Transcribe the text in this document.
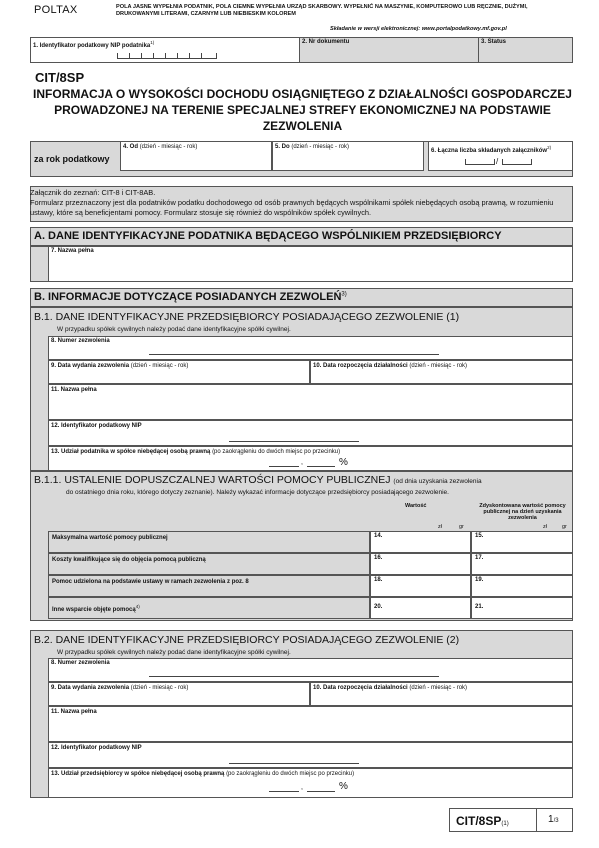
POLTAX	POLA JASNE WYPEŁNIA PODATNIK, POLA CIEMNE WYPEŁNIA URZĄD SKARBOWY. WYPEŁNIĆ NA MASZYNIE, KOMPUTEROWO LUB RĘCZNIE, DUŻYMI, DRUKOWANYMI LITERAMI, CZARNYM LUB NIEBIESKIM KOLOREM
Składanie w wersji elektronicznej: www.portalpodatkowy.mf.gov.pl
1. Identyfikator podatkowy NIP podatnika$^{1)}$	2. Nr dokumentu	3. Status
CIT/8SP
INFORMACJA O WYSOKOŚCI DOCHODU OSIĄGNIĘTEGO Z DZIAŁALNOŚCI GOSPODARCZEJ PROWADZONEJ NA TERENIE SPECJALNEJ STREFY EKONOMICZNEJ NA PODSTAWIE ZEZWOLENIA
za rok podatkowy
4. Od (dzień - miesiąc - rok)	5. Do (dzień - miesiąc - rok)
6. Łączna liczba składanych załączników$^{2)}$
/
Załącznik do zeznań: CIT-8 i CIT-8AB.
Formularz przeznaczony jest dla podatników podatku dochodowego od osób prawnych będących wspólnikami spółek niebędących osobą prawną, w rozumieniu ustawy, które są beneficjentami pomocy. Formularz stosuje się również do wspólników spółek cywilnych.
A. DANE IDENTYFIKACYJNE PODATNIKA BĘDĄCEGO WSPÓLNIKIEM PRZEDSIĘBIORCY
7. Nazwa pełna
B. INFORMACJE DOTYCZĄCE POSIADANYCH ZEZWOLEŃ$^{3)}$
B.1. DANE IDENTYFIKACYJNE PRZEDSIĘBIORCY POSIADAJĄCEGO ZEZWOLENIE (1)
W przypadku spółek cywilnych należy podać dane identyfikacyjne spółki cywilnej.
8. Numer zezwolenia
9. Data wydania zezwolenia (dzień - miesiąc - rok)	10. Data rozpoczęcia działalności (dzień - miesiąc - rok)
11. Nazwa pełna
12. Identyfikator podatkowy NIP
13. Udział podatnika w spółce niebędącej osobą prawną (po zaokrągleniu do dwóch miejsc po przecinku)
,	%
B.1.1. USTALENIE DOPUSZCZALNEJ WARTOŚCI POMOCY PUBLICZNEJ (od dnia uzyskania zezwolenia
do ostatniego dnia roku, którego dotyczy zeznanie). Należy wykazać informacje dotyczące przedsiębiorcy posiadającego zezwolenie.
Wartość	Zdyskontowana wartość pomocy publicznej na dzień uzyskania zezwolenia
zł	gr	zł	gr
Maksymalna wartość pomocy publicznej	14.	15.
Koszty kwalifikujące się do objęcia pomocą publiczną	16.	17.
Pomoc udzielona na podstawie ustawy w ramach zezwolenia z poz. 8	18.	19.
Inne wsparcie objęte pomocą$^{4)}$	20.	21.
B.2. DANE IDENTYFIKACYJNE PRZEDSIĘBIORCY POSIADAJĄCEGO ZEZWOLENIE (2)
W przypadku spółek cywilnych należy podać dane identyfikacyjne spółki cywilnej.
8. Numer zezwolenia
9. Data wydania zezwolenia (dzień - miesiąc - rok)	10. Data rozpoczęcia działalności (dzień - miesiąc - rok)
11. Nazwa pełna
12. Identyfikator podatkowy NIP
13. Udział przedsiębiorcy w spółce niebędącej osobą prawną (po zaokrągleniu do dwóch miejsc po przecinku)
,	%
CIT/8SP(1)	1/3
